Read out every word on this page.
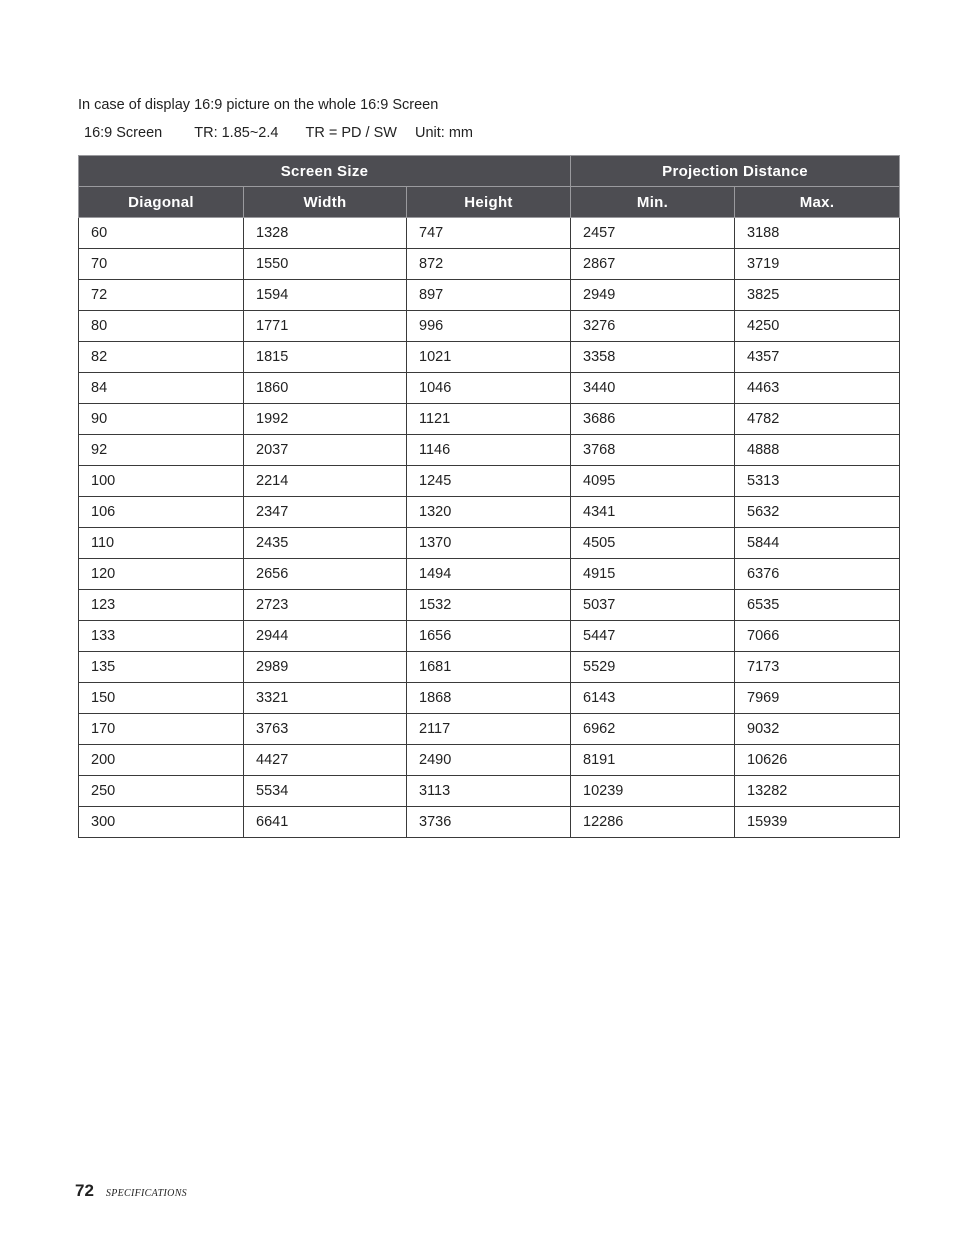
In case of display 16:9 picture on the whole 16:9 Screen
16:9 Screen TR: 1.85~2.4 TR = PD / SW Unit: mm
Screen Size			Projection Distance	
Diagonal	Width	Height	Min.	Max.
60	1328	747	2457	3188
70	1550	872	2867	3719
72	1594	897	2949	3825
80	1771	996	3276	4250
82	1815	1021	3358	4357
84	1860	1046	3440	4463
90	1992	1121	3686	4782
92	2037	1146	3768	4888
100	2214	1245	4095	5313
106	2347	1320	4341	5632
110	2435	1370	4505	5844
120	2656	1494	4915	6376
123	2723	1532	5037	6535
133	2944	1656	5447	7066
135	2989	1681	5529	7173
150	3321	1868	6143	7969
170	3763	2117	6962	9032
200	4427	2490	8191	10626
250	5534	3113	10239	13282
300	6641	3736	12286	15939
72 SPECIFICATIONS
